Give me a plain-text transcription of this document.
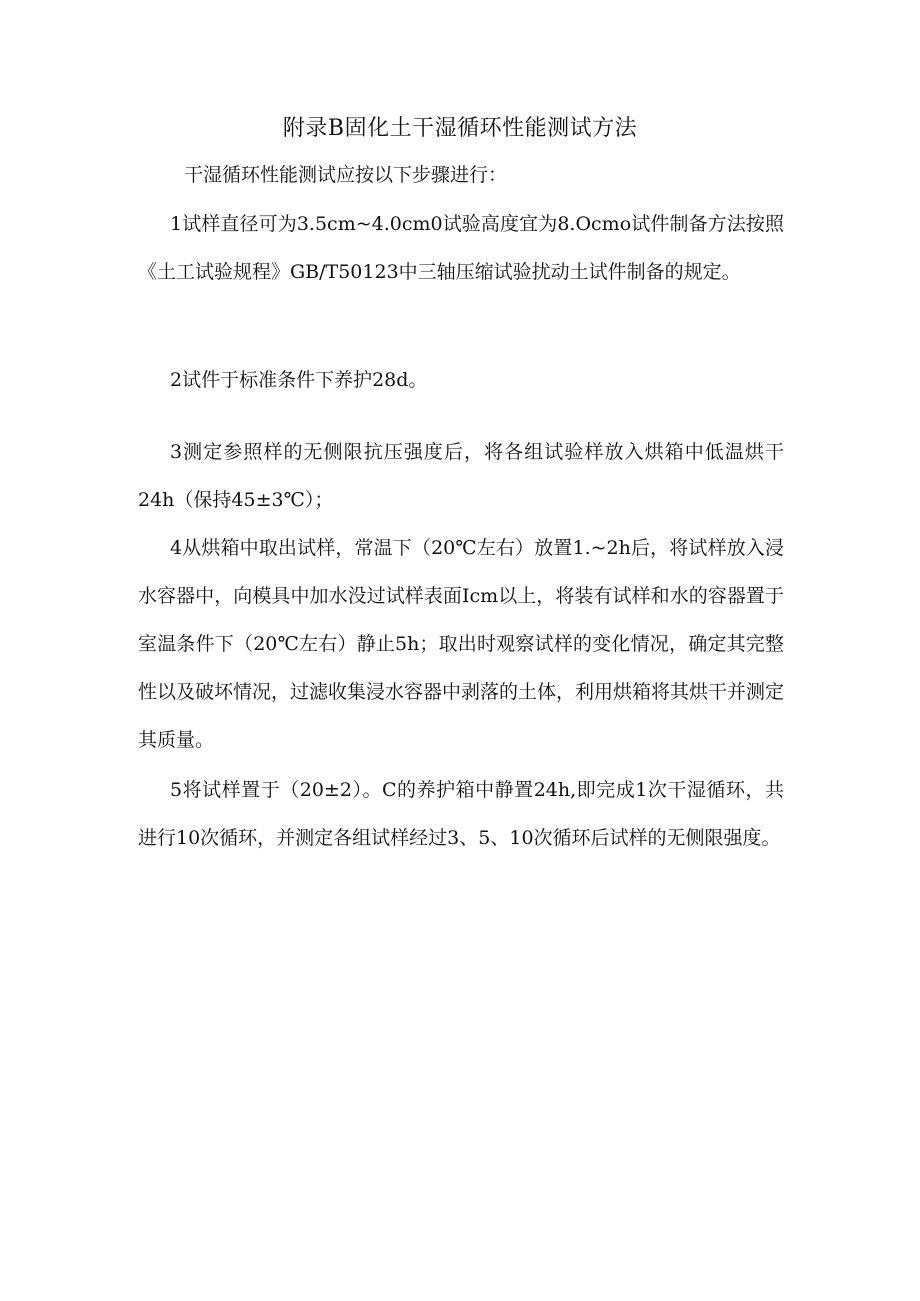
附录B固化土干湿循环性能测试方法

干湿循环性能测试应按以下步骤进行：

1试样直径可为3.5cm~4.0cm0试验高度宜为8.Ocmo试件制备方法按照《土工试验规程》GB/T50123中三轴压缩试验扰动土试件制备的规定。

2试件于标准条件下养护28d。

3测定参照样的无侧限抗压强度后，将各组试验样放入烘箱中低温烘干24h（保持45±3℃）；

4从烘箱中取出试样，常温下（20℃左右）放置1.~2h后，将试样放入浸水容器中，向模具中加水没过试样表面Icm以上，将装有试样和水的容器置于室温条件下（20℃左右）静止5h；取出时观察试样的变化情况，确定其完整性以及破坏情况，过滤收集浸水容器中剥落的土体，利用烘箱将其烘干并测定其质量。

5将试样置于（20±2）。C的养护箱中静置24h,即完成1次干湿循环，共进行10次循环，并测定各组试样经过3、5、10次循环后试样的无侧限强度。
